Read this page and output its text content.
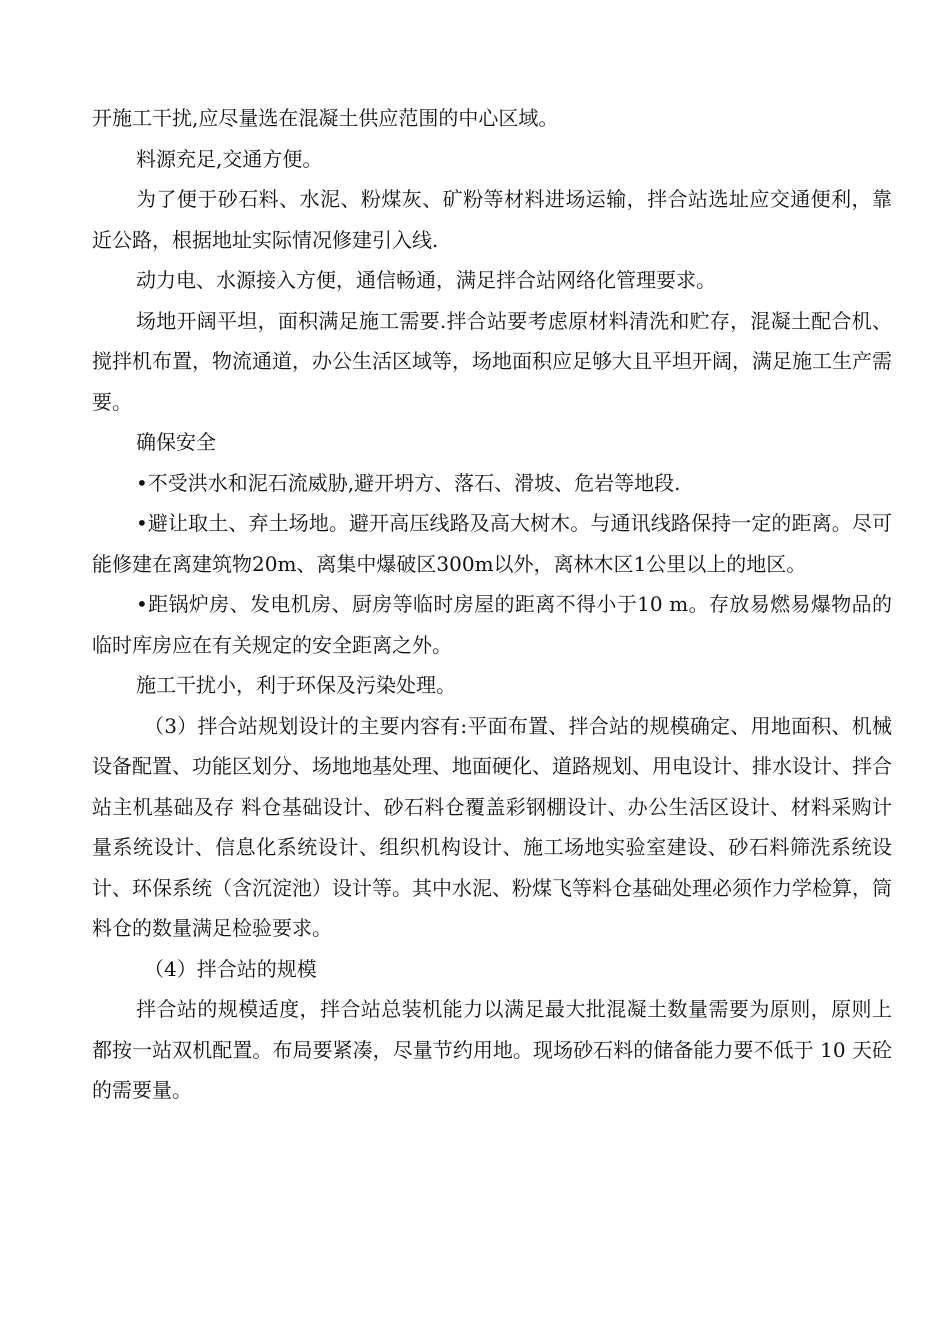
开施工干扰,应尽量选在混凝土供应范围的中心区域。

料源充足,交通方便。

为了便于砂石料、水泥、粉煤灰、矿粉等材料进场运输，拌合站选址应交通便利，靠近公路，根据地址实际情况修建引入线.

动力电、水源接入方便，通信畅通，满足拌合站网络化管理要求。

场地开阔平坦，面积满足施工需要.拌合站要考虑原材料清洗和贮存，混凝土配合机、搅拌机布置，物流通道，办公生活区域等，场地面积应足够大且平坦开阔，满足施工生产需要。

确保安全

•不受洪水和泥石流威胁,避开坍方、落石、滑坡、危岩等地段.

•避让取土、弃土场地。避开高压线路及高大树木。与通讯线路保持一定的距离。尽可能修建在离建筑物20m、离集中爆破区300m以外，离林木区1公里以上的地区。

•距锅炉房、发电机房、厨房等临时房屋的距离不得小于10 m。存放易燃易爆物品的临时库房应在有关规定的安全距离之外。

施工干扰小，利于环保及污染处理。

（3）拌合站规划设计的主要内容有:平面布置、拌合站的规模确定、用地面积、机械设备配置、功能区划分、场地地基处理、地面硬化、道路规划、用电设计、排水设计、拌合站主机基础及存 料仓基础设计、砂石料仓覆盖彩钢棚设计、办公生活区设计、材料采购计量系统设计、信息化系统设计、组织机构设计、施工场地实验室建设、砂石料筛洗系统设计、环保系统（含沉淀池）设计等。其中水泥、粉煤飞等料仓基础处理必须作力学检算，筒料仓的数量满足检验要求。

（4）拌合站的规模

拌合站的规模适度，拌合站总装机能力以满足最大批混凝土数量需要为原则，原则上都按一站双机配置。布局要紧凑，尽量节约用地。现场砂石料的储备能力要不低于 10 天砼的需要量。
